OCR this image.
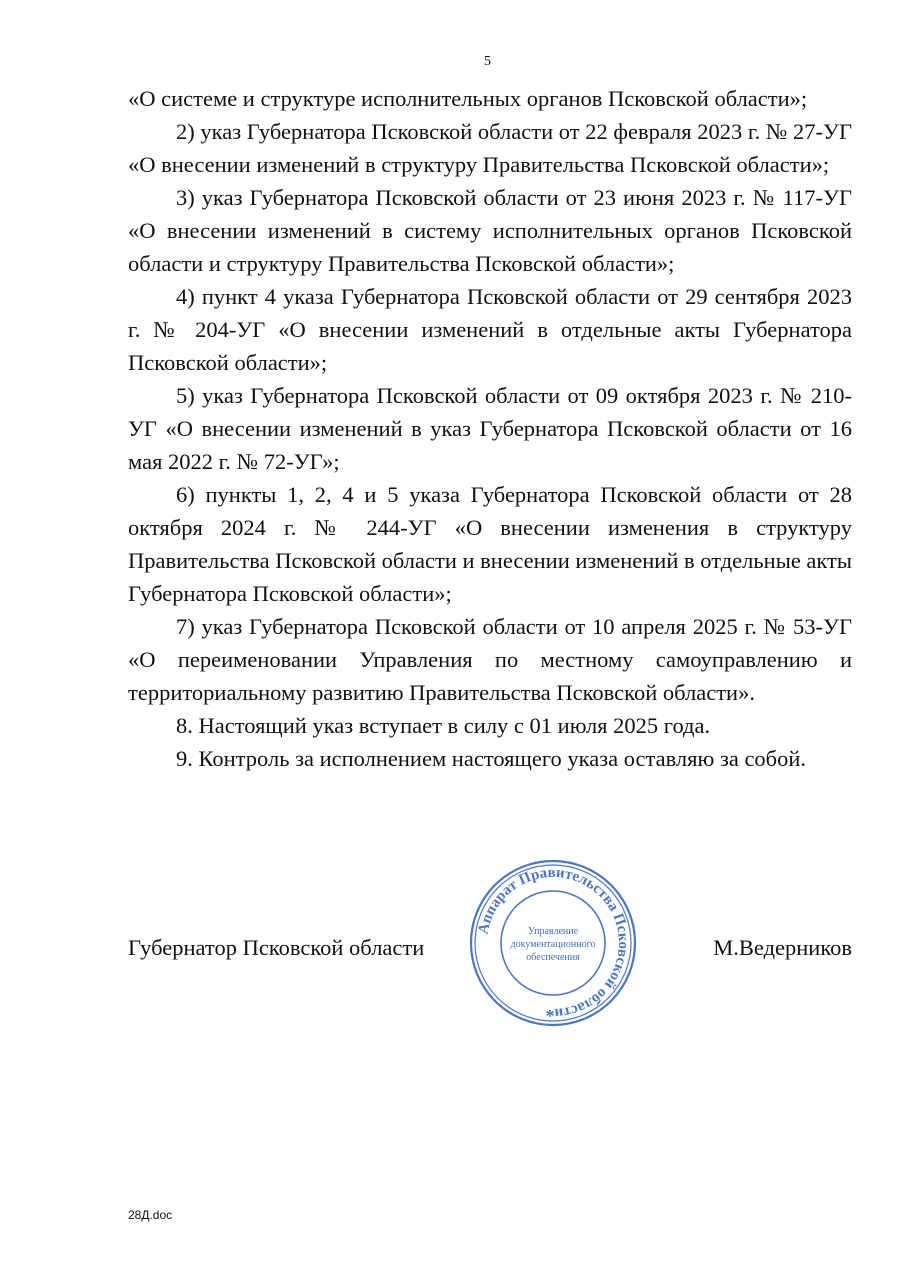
5

«О системе и структуре исполнительных органов Псковской области»;

2) указ Губернатора Псковской области от 22 февраля 2023 г. № 27-УГ «О внесении изменений в структуру Правительства Псковской области»;

3) указ Губернатора Псковской области от 23 июня 2023 г. № 117-УГ «О внесении изменений в систему исполнительных органов Псковской области и структуру Правительства Псковской области»;

4) пункт 4 указа Губернатора Псковской области от 29 сентября 2023 г. № 204-УГ «О внесении изменений в отдельные акты Губернатора Псковской области»;

5) указ Губернатора Псковской области от 09 октября 2023 г. № 210-УГ «О внесении изменений в указ Губернатора Псковской области от 16 мая 2022 г. № 72-УГ»;

6) пункты 1, 2, 4 и 5 указа Губернатора Псковской области от 28 октября 2024 г. № 244-УГ «О внесении изменения в структуру Правительства Псковской области и внесении изменений в отдельные акты Губернатора Псковской области»;

7) указ Губернатора Псковской области от 10 апреля 2025 г. № 53-УГ «О переименовании Управления по местному самоуправлению и территориальному развитию Правительства Псковской области».

8. Настоящий указ вступает в силу с 01 июля 2025 года.

9. Контроль за исполнением настоящего указа оставляю за собой.

Губернатор Псковской области	М.Ведерников
Аппарат Правительства Псковской области
Управление
документационного
обеспечения
*
28Д.doc
